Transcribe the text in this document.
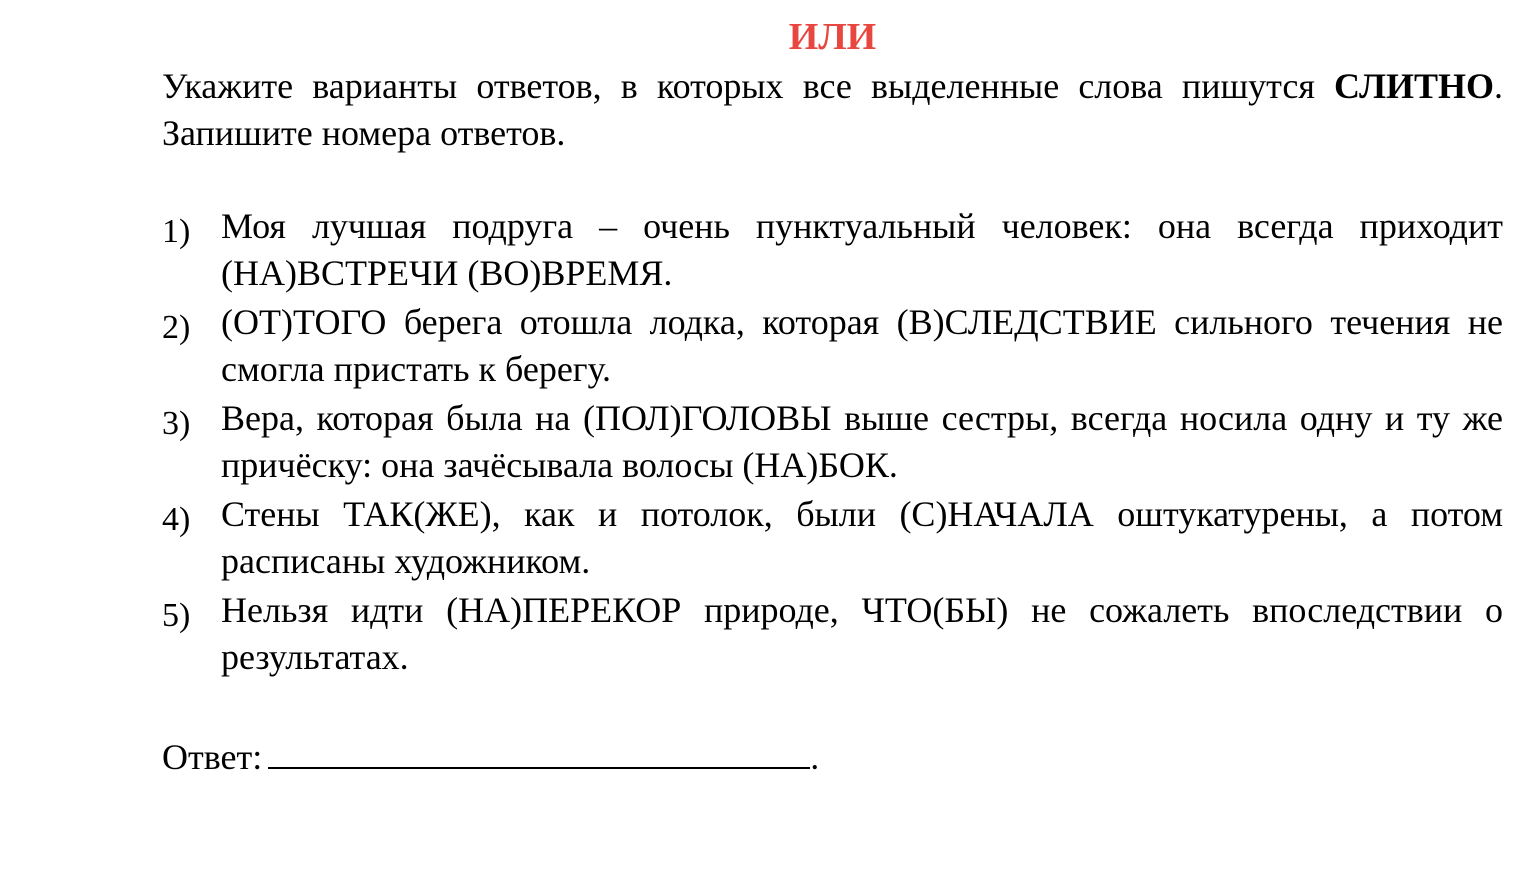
ИЛИ
Укажите варианты ответов, в которых все выделенные слова пишутся СЛИТНО. Запишите номера ответов.
1) Моя лучшая подруга – очень пунктуальный человек: она всегда приходит (НА)ВСТРЕЧИ (ВО)ВРЕМЯ.
2) (ОТ)ТОГО берега отошла лодка, которая (В)СЛЕДСТВИЕ сильного течения не смогла пристать к берегу.
3) Вера, которая была на (ПОЛ)ГОЛОВЫ выше сестры, всегда носила одну и ту же причёску: она зачёсывала волосы (НА)БОК.
4) Стены ТАК(ЖЕ), как и потолок, были (С)НАЧАЛА оштукатурены, а потом расписаны художником.
5) Нельзя идти (НА)ПЕРЕКОР природе, ЧТО(БЫ) не сожалеть впоследствии о результатах.
Ответ:	.
